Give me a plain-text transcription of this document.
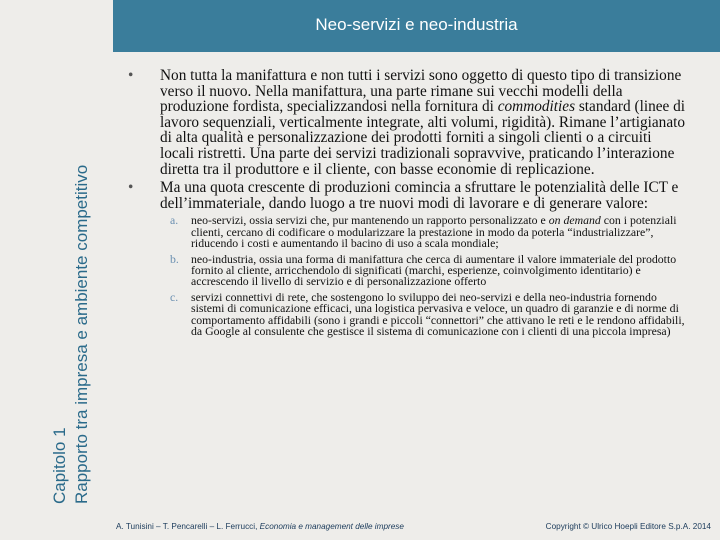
Capitolo 1 Rapporto tra impresa e ambiente competitivo
Neo-servizi e neo-industria
• Non tutta la manifattura e non tutti i servizi sono oggetto di questo tipo di transizione verso il nuovo. Nella manifattura, una parte rimane sui vecchi modelli della produzione fordista, specializzandosi nella fornitura di commodities standard (linee di lavoro sequenziali, verticalmente integrate, alti volumi, rigidità). Rimane l’artigianato di alta qualità e personalizzazione dei prodotti forniti a singoli clienti o a circuiti locali ristretti. Una parte dei servizi tradizionali sopravvive, praticando l’interazione diretta tra il produttore e il cliente, con basse economie di replicazione.
• Ma una quota crescente di produzioni comincia a sfruttare le potenzialità delle ICT e dell’immateriale, dando luogo a tre nuovi modi di lavorare e di generare valore:
a. neo-servizi, ossia servizi che, pur mantenendo un rapporto personalizzato e on demand con i potenziali clienti, cercano di codificare o modularizzare la prestazione in modo da poterla “industrializzare”, riducendo i costi e aumentando il bacino di uso a scala mondiale;
b. neo-industria, ossia una forma di manifattura che cerca di aumentare il valore immateriale del prodotto fornito al cliente, arricchendolo di significati (marchi, esperienze, coinvolgimento identitario) e accrescendo il livello di servizio e di personalizzazione offerto
c. servizi connettivi di rete, che sostengono lo sviluppo dei neo-servizi e della neo-industria fornendo sistemi di comunicazione efficaci, una logistica pervasiva e veloce, un quadro di garanzie e di norme di comportamento affidabili (sono i grandi e piccoli “connettori” che attivano le reti e le rendono affidabili, da Google al consulente che gestisce il sistema di comunicazione con i clienti di una piccola impresa)
A. Tunisini – T. Pencarelli – L. Ferrucci, Economia e management delle imprese	Copyright © Ulrico Hoepli Editore S.p.A. 2014
